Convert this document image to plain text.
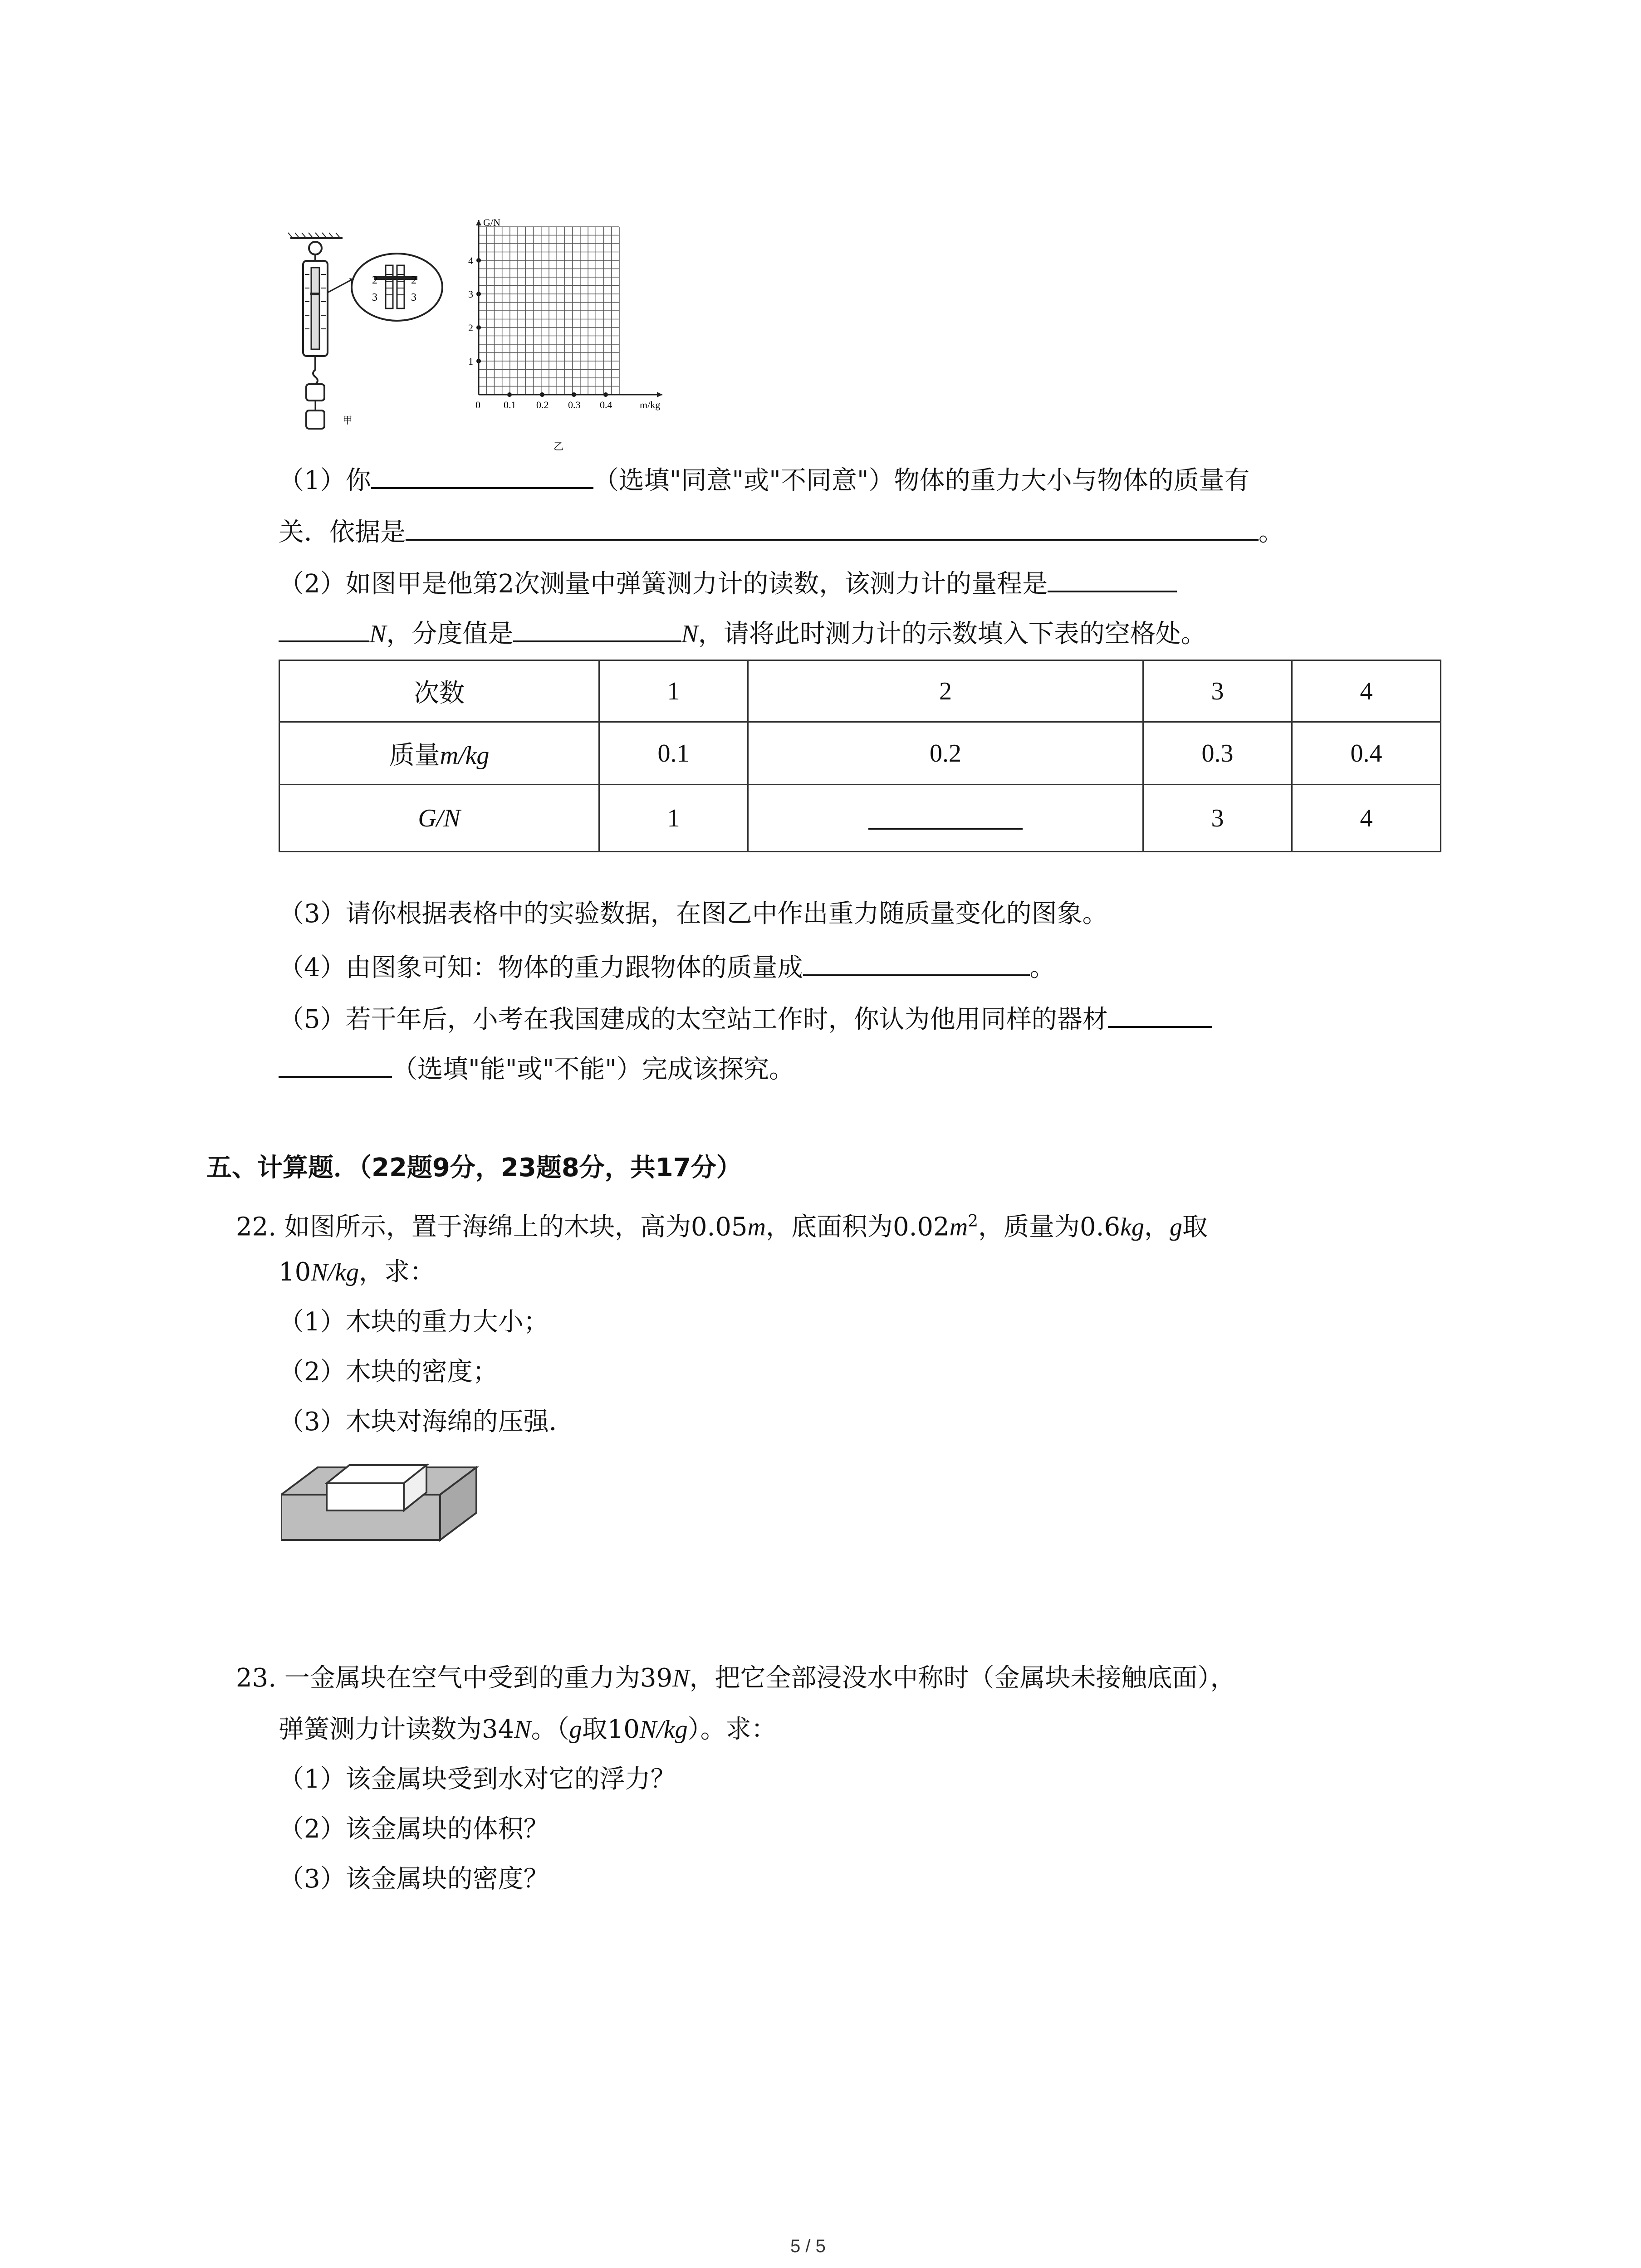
2
3
2
3
甲
G/N
m/kg
1
2
3
4
0 0.1 0.2 0.3 0.4
乙
（1）你	（选填"同意"或"不同意"）物体的重力大小与物体的质量有
关．依据是	。
（2）如图甲是他第2次测量中弹簧测力计的读数，该测力计的量程是
N，分度值是	N，请将此时测力计的示数填入下表的空格处。
次数	1	2	3	4
质量m/kg	0.1	0.2	0.3	0.4
G/N	1		3	4
（3）请你根据表格中的实验数据，在图乙中作出重力随质量变化的图象。
（4）由图象可知：物体的重力跟物体的质量成	。
（5）若干年后，小考在我国建成的太空站工作时，你认为他用同样的器材
（选填"能"或"不能"）完成该探究。
五、计算题．（22题9分，23题8分，共17分）
22. 如图所示，置于海绵上的木块，高为0.05m，底面积为$0.02m^2$，质量为0.6kg，g取
10N/kg，求：
（1）木块的重力大小；
（2）木块的密度；
（3）木块对海绵的压强．
23. 一金属块在空气中受到的重力为39N，把它全部浸没水中称时（金属块未接触底面），
弹簧测力计读数为34N。（g取10N/kg）。求：
（1）该金属块受到水对它的浮力？
（2）该金属块的体积？
（3）该金属块的密度？
5 / 5
